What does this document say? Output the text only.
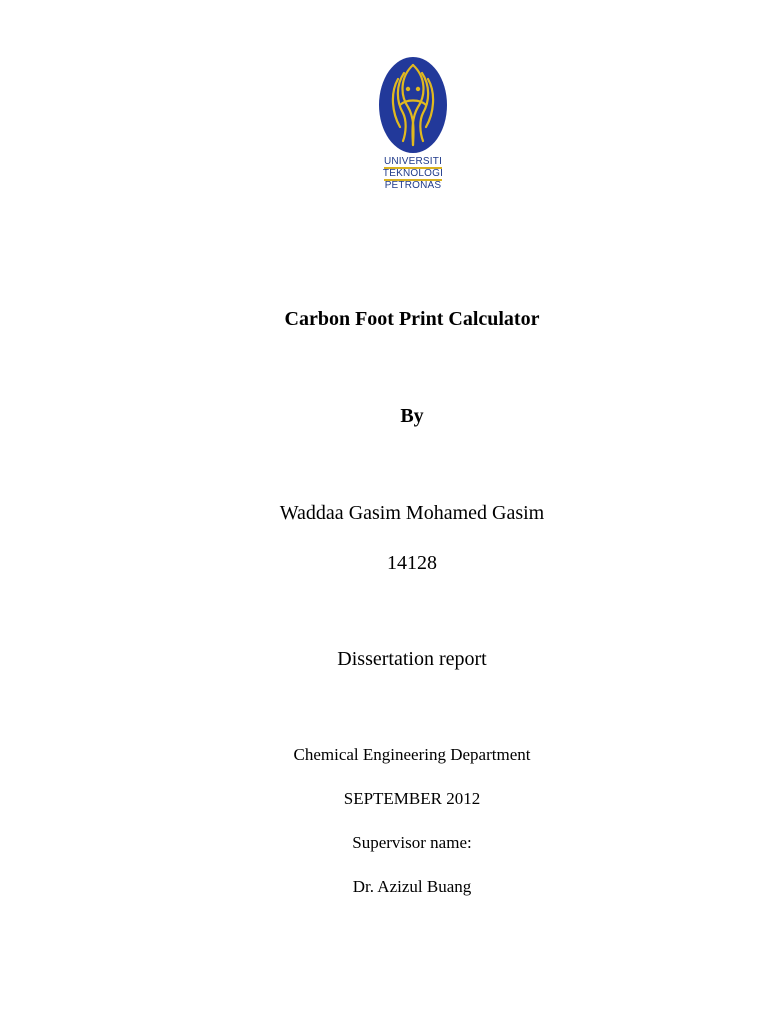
UNIVERSITI
TEKNOLOGI
PETRONAS
Carbon Foot Print Calculator
By
Waddaa Gasim Mohamed Gasim
14128
Dissertation report
Chemical Engineering Department
SEPTEMBER 2012
Supervisor name:
Dr. Azizul Buang
